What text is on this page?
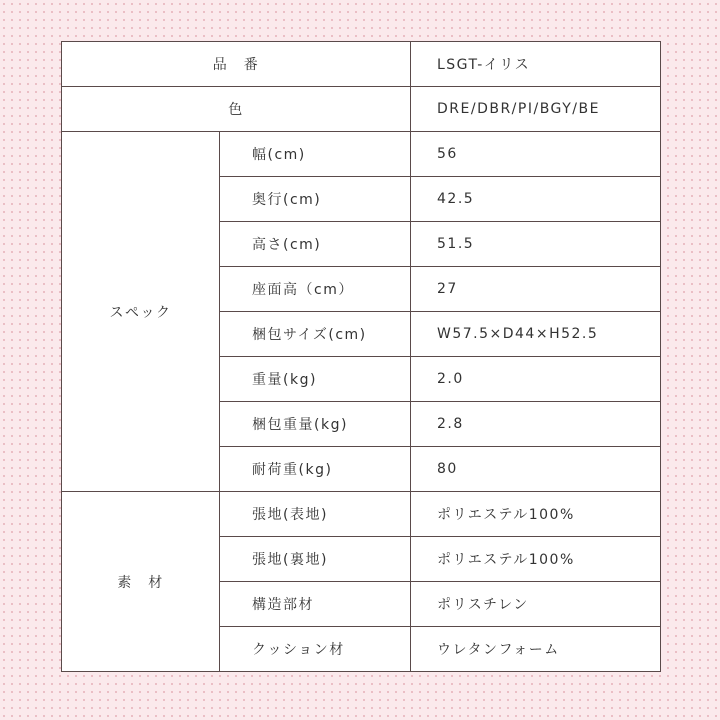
品　番		LSGT-イリス
色		DRE/DBR/PI/BGY/BE
スペック	幅(cm)	56
	奥行(cm)	42.5
	高さ(cm)	51.5
	座面高（cm）	27
	梱包サイズ(cm)	W57.5×D44×H52.5
	重量(kg)	2.0
	梱包重量(kg)	2.8
	耐荷重(kg)	80
素　材	張地(表地)	ポリエステル100%
	張地(裏地)	ポリエステル100%
	構造部材	ポリスチレン
	クッション材	ウレタンフォーム
